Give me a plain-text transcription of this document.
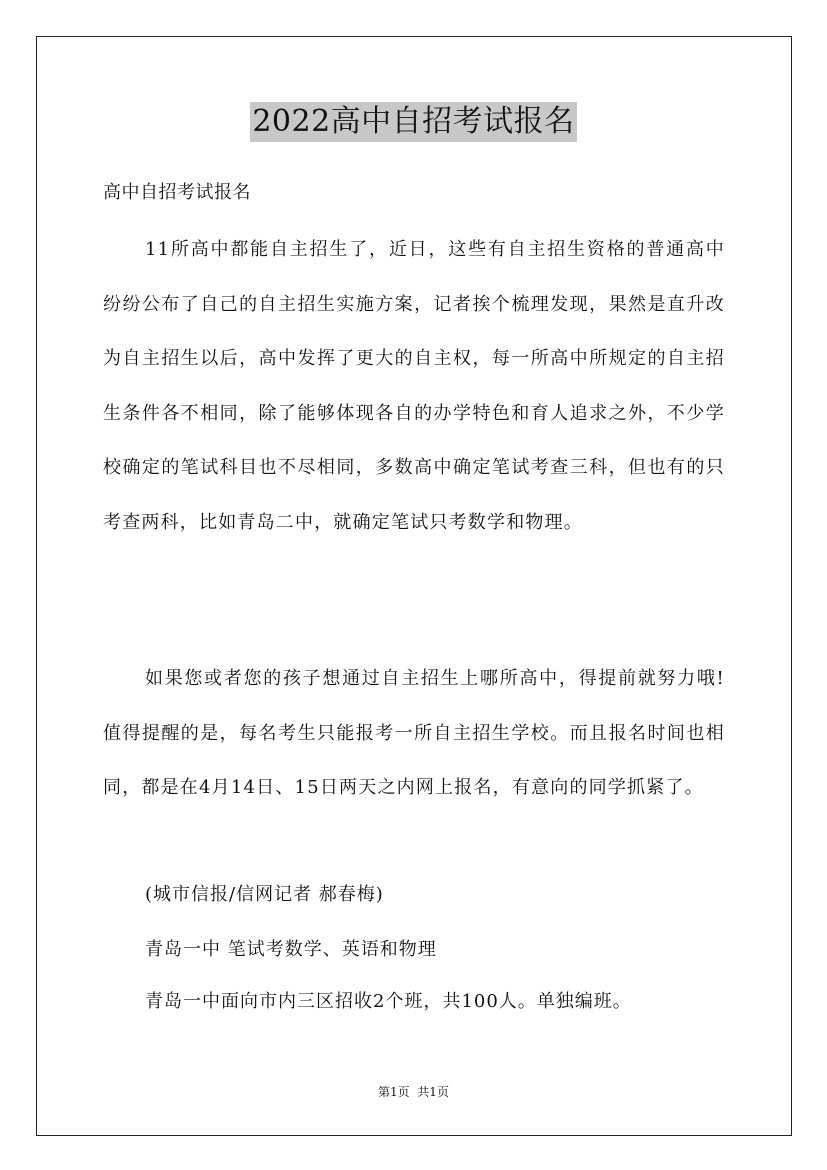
2022高中自招考试报名
高中自招考试报名

11所高中都能自主招生了，近日，这些有自主招生资格的普通高中纷纷公布了自己的自主招生实施方案，记者挨个梳理发现，果然是直升改为自主招生以后，高中发挥了更大的自主权，每一所高中所规定的自主招生条件各不相同，除了能够体现各自的办学特色和育人追求之外，不少学校确定的笔试科目也不尽相同，多数高中确定笔试考查三科，但也有的只考查两科，比如青岛二中，就确定笔试只考数学和物理。

如果您或者您的孩子想通过自主招生上哪所高中，得提前就努力哦!值得提醒的是，每名考生只能报考一所自主招生学校。而且报名时间也相同，都是在4月14日、15日两天之内网上报名，有意向的同学抓紧了。

(城市信报/信网记者 郝春梅)
青岛一中 笔试考数学、英语和物理
青岛一中面向市内三区招收2个班，共100人。单独编班。
第1页  共1页
